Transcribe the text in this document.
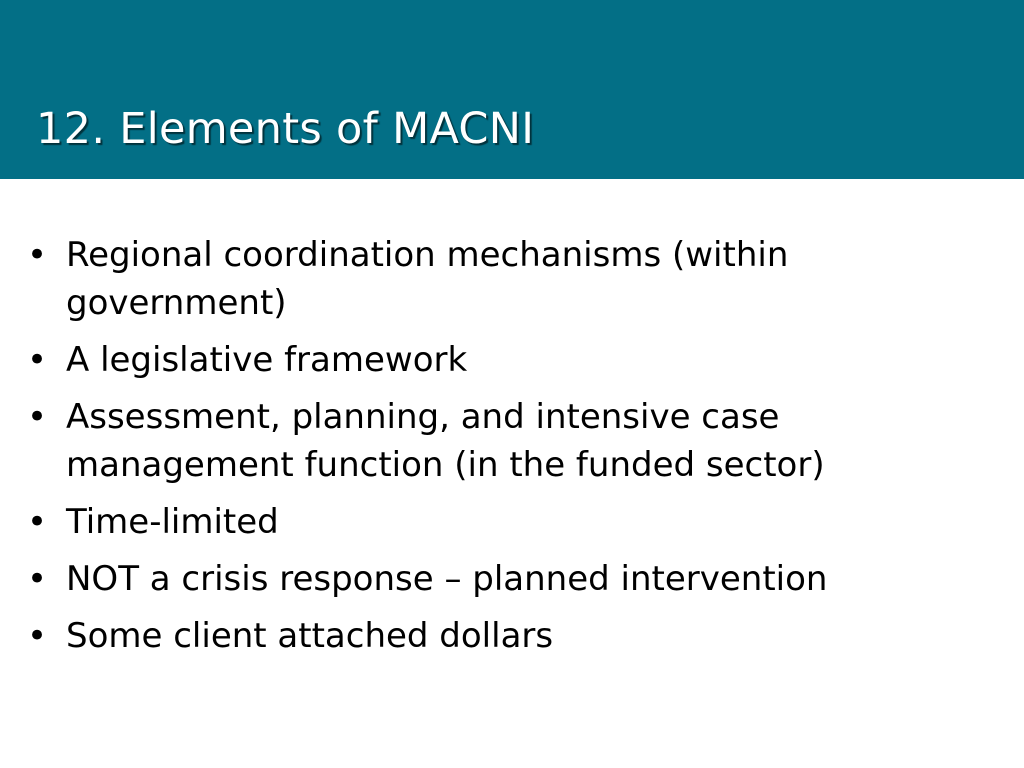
12. Elements of MACNI
• Regional coordination mechanisms (within government)
• A legislative framework
• Assessment, planning, and intensive case management function (in the funded sector)
• Time-limited
• NOT a crisis response – planned intervention
• Some client attached dollars
